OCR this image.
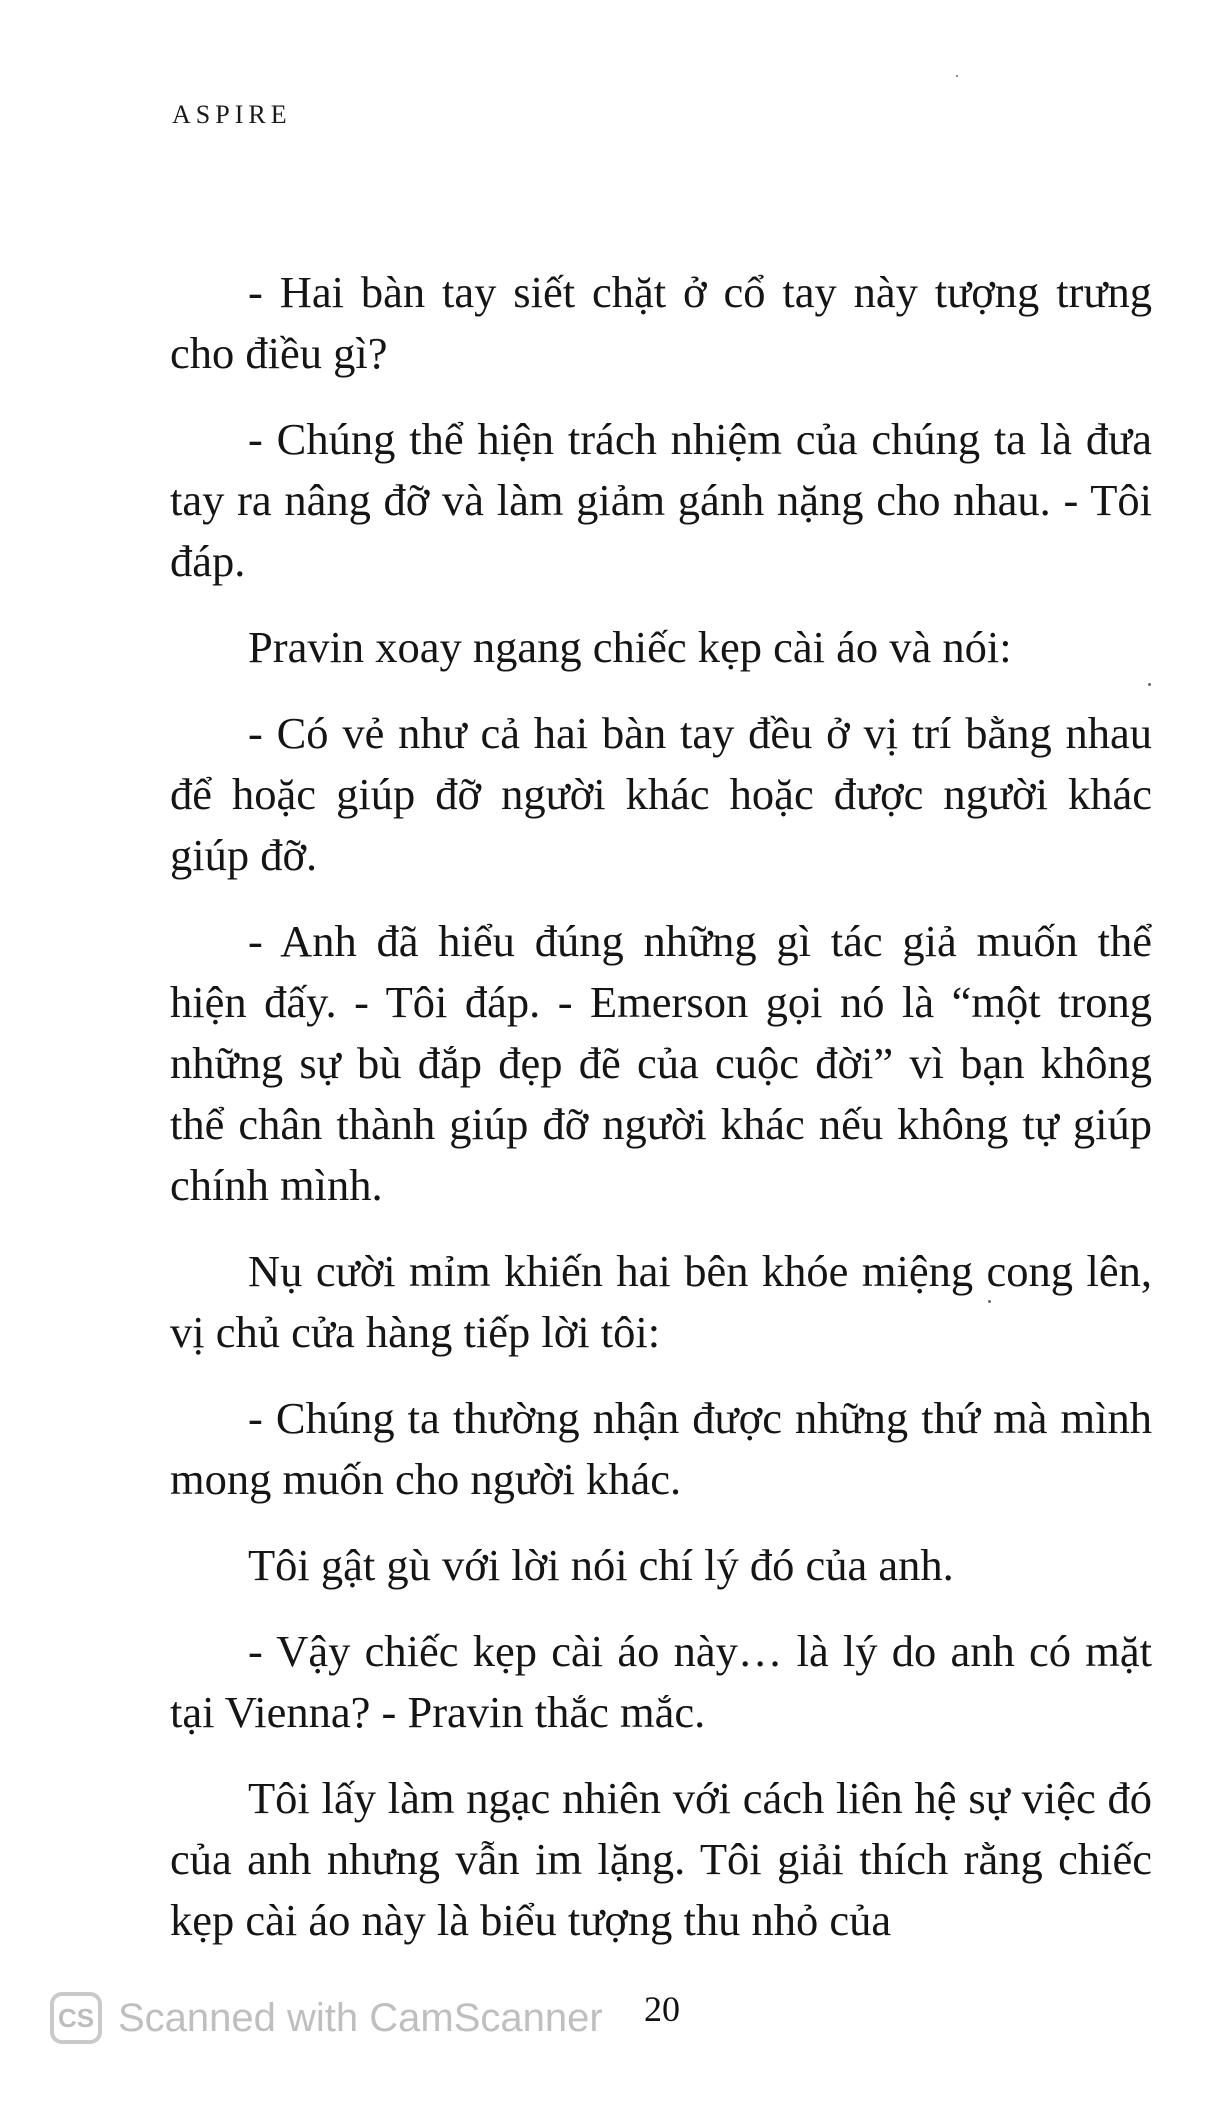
ASPIRE

- Hai bàn tay siết chặt ở cổ tay này tượng trưng cho điều gì?

- Chúng thể hiện trách nhiệm của chúng ta là đưa tay ra nâng đỡ và làm giảm gánh nặng cho nhau. - Tôi đáp.

Pravin xoay ngang chiếc kẹp cài áo và nói:

- Có vẻ như cả hai bàn tay đều ở vị trí bằng nhau để hoặc giúp đỡ người khác hoặc được người khác giúp đỡ.

- Anh đã hiểu đúng những gì tác giả muốn thể hiện đấy. - Tôi đáp. - Emerson gọi nó là “một trong những sự bù đắp đẹp đẽ của cuộc đời” vì bạn không thể chân thành giúp đỡ người khác nếu không tự giúp chính mình.

Nụ cười mỉm khiến hai bên khóe miệng cong lên, vị chủ cửa hàng tiếp lời tôi:

- Chúng ta thường nhận được những thứ mà mình mong muốn cho người khác.

Tôi gật gù với lời nói chí lý đó của anh.

- Vậy chiếc kẹp cài áo này… là lý do anh có mặt tại Vienna? - Pravin thắc mắc.

Tôi lấy làm ngạc nhiên với cách liên hệ sự việc đó của anh nhưng vẫn im lặng. Tôi giải thích rằng chiếc kẹp cài áo này là biểu tượng thu nhỏ của

CS Scanned with CamScanner 20
